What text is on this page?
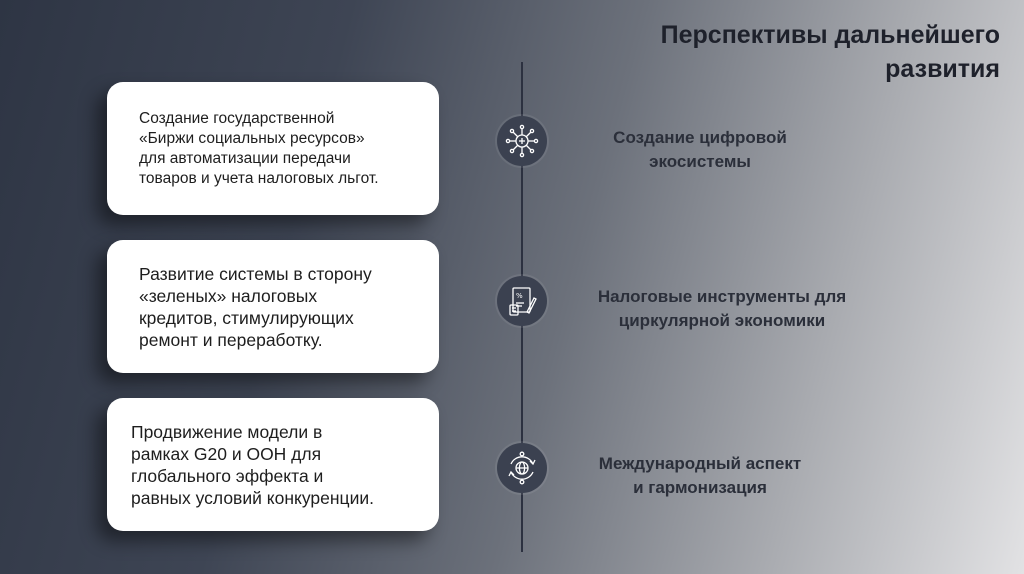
Перспективы дальнейшего
развития
Создание государственной
«Биржи социальных ресурсов»
для автоматизации передачи
товаров и учета налоговых льгот.
Развитие системы в сторону
«зеленых» налоговых
кредитов, стимулирующих
ремонт и переработку.
Продвижение модели в
рамках G20 и ООН для
глобального эффекта и
равных условий конкуренции.
%
Создание цифровой
экосистемы
Налоговые инструменты для
циркулярной экономики
Международный аспект
и гармонизация
